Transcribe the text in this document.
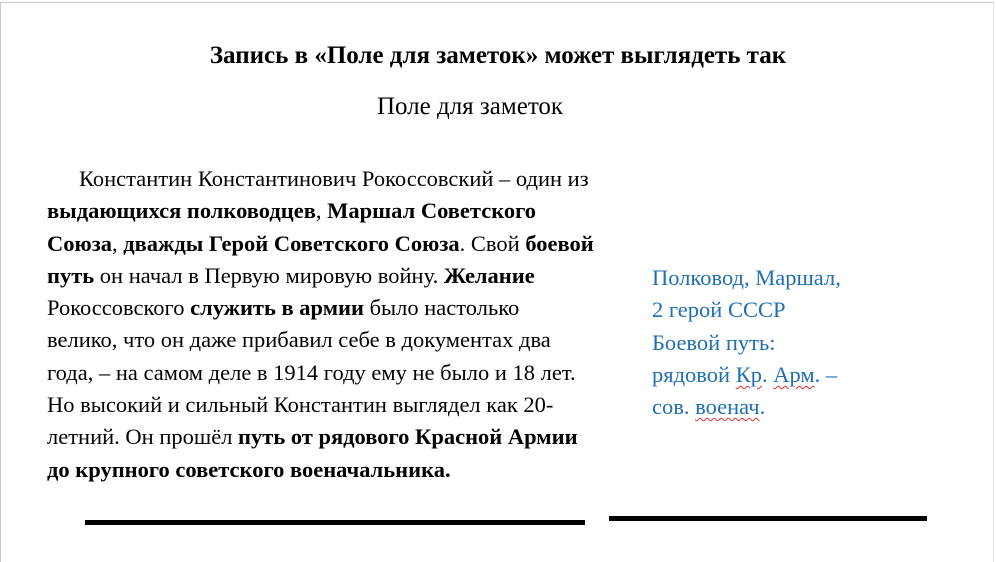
Запись в «Поле для заметок» может выглядеть так
Поле для заметок
Константин Константинович Рокоссовский – один из выдающихся полководцев, Маршал Советского Союза, дважды Герой Советского Союза. Свой боевой путь он начал в Первую мировую войну. Желание Рокоссовского служить в армии было настолько велико, что он даже прибавил себе в документах два года, – на самом деле в 1914 году ему не было и 18 лет. Но высокий и сильный Константин выглядел как 20-летний. Он прошёл путь от рядового Красной Армии до крупного советского военачальника.
Полковод, Маршал,
2 герой СССР
Боевой путь:
рядовой Кр. Арм. –
сов. военач.
